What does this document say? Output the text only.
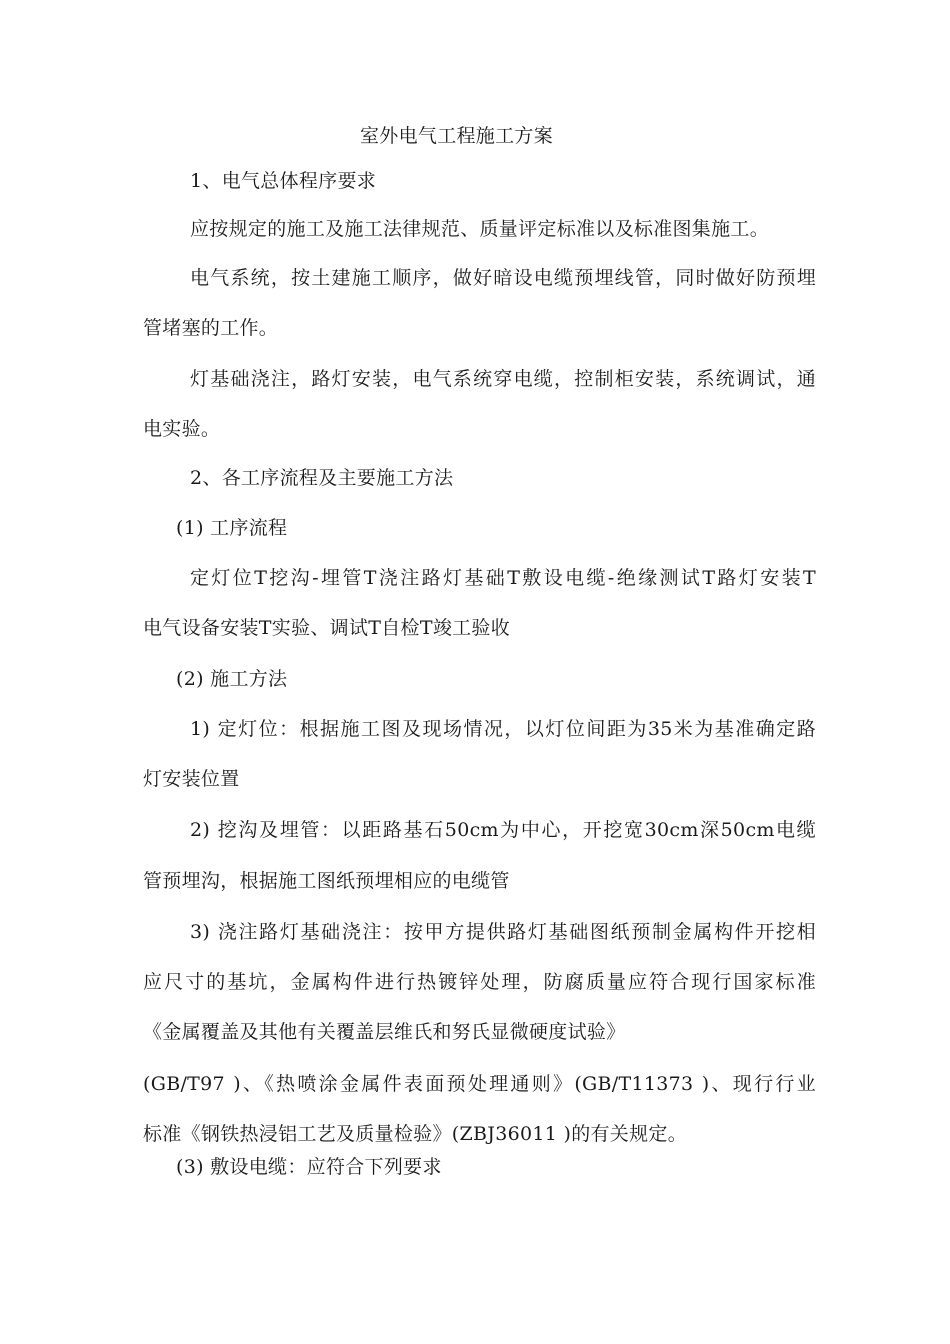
室外电气工程施工方案
1、电气总体程序要求
应按规定的施工及施工法律规范、质量评定标准以及标准图集施工。
电气系统，按土建施工顺序，做好暗设电缆预埋线管，同时做好防预埋
管堵塞的工作。
灯基础浇注，路灯安装，电气系统穿电缆，控制柜安装，系统调试，通
电实验。
2、各工序流程及主要施工方法
(1) 工序流程
定灯位T挖沟-埋管T浇注路灯基础T敷设电缆-绝缘测试T路灯安装T
电气设备安装T实验、调试T自检T竣工验收
(2) 施工方法
1) 定灯位：根据施工图及现场情况，以灯位间距为35米为基准确定路
灯安装位置
2) 挖沟及埋管：以距路基石50cm为中心，开挖宽30cm深50cm电缆
管预埋沟，根据施工图纸预埋相应的电缆管
3) 浇注路灯基础浇注：按甲方提供路灯基础图纸预制金属构件开挖相
应尺寸的基坑，金属构件进行热镀锌处理，防腐质量应符合现行国家标准
《金属覆盖及其他有关覆盖层维氏和努氏显微硬度试验》
(GB/T97 )、《热喷涂金属件表面预处理通则》(GB/T11373 )、现行行业
标准《钢铁热浸铝工艺及质量检验》(ZBJ36011 )的有关规定。
(3) 敷设电缆：应符合下列要求
